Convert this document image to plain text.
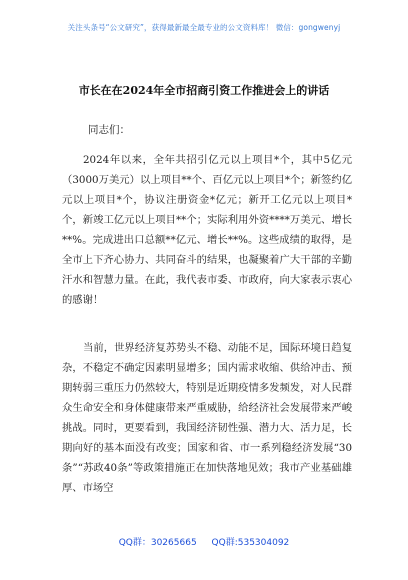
关注头条号“公文研究”，获得最新最全最专业的公文资料库！ 微信：gongwenyj
市长在在2024年全市招商引资工作推进会上的讲话
同志们：
2024年以来，全年共招引亿元以上项目*个，其中5亿元（3000万美元）以上项目**个、百亿元以上项目*个；新签约亿元以上项目*个，协议注册资金*亿元；新开工亿元以上项目*个，新竣工亿元以上项目**个；实际利用外资****万美元、增长**%。完成进出口总额**亿元、增长**%。这些成绩的取得，是全市上下齐心协力、共同奋斗的结果，也凝聚着广大干部的辛勤汗水和智慧力量。在此，我代表市委、市政府，向大家表示衷心的感谢！
当前，世界经济复苏势头不稳、动能不足，国际环境日趋复杂，不稳定不确定因素明显增多；国内需求收缩、供给冲击、预期转弱三重压力仍然较大，特别是近期疫情多发频发，对人民群众生命安全和身体健康带来严重威胁，给经济社会发展带来严峻挑战。同时，更要看到，我国经济韧性强、潜力大、活力足，长期向好的基本面没有改变；国家和省、市一系列稳经济发展“30条”“苏政40条”等政策措施正在加快落地见效；我市产业基础雄厚、市场空
QQ群：30265665 QQ群:535304092
